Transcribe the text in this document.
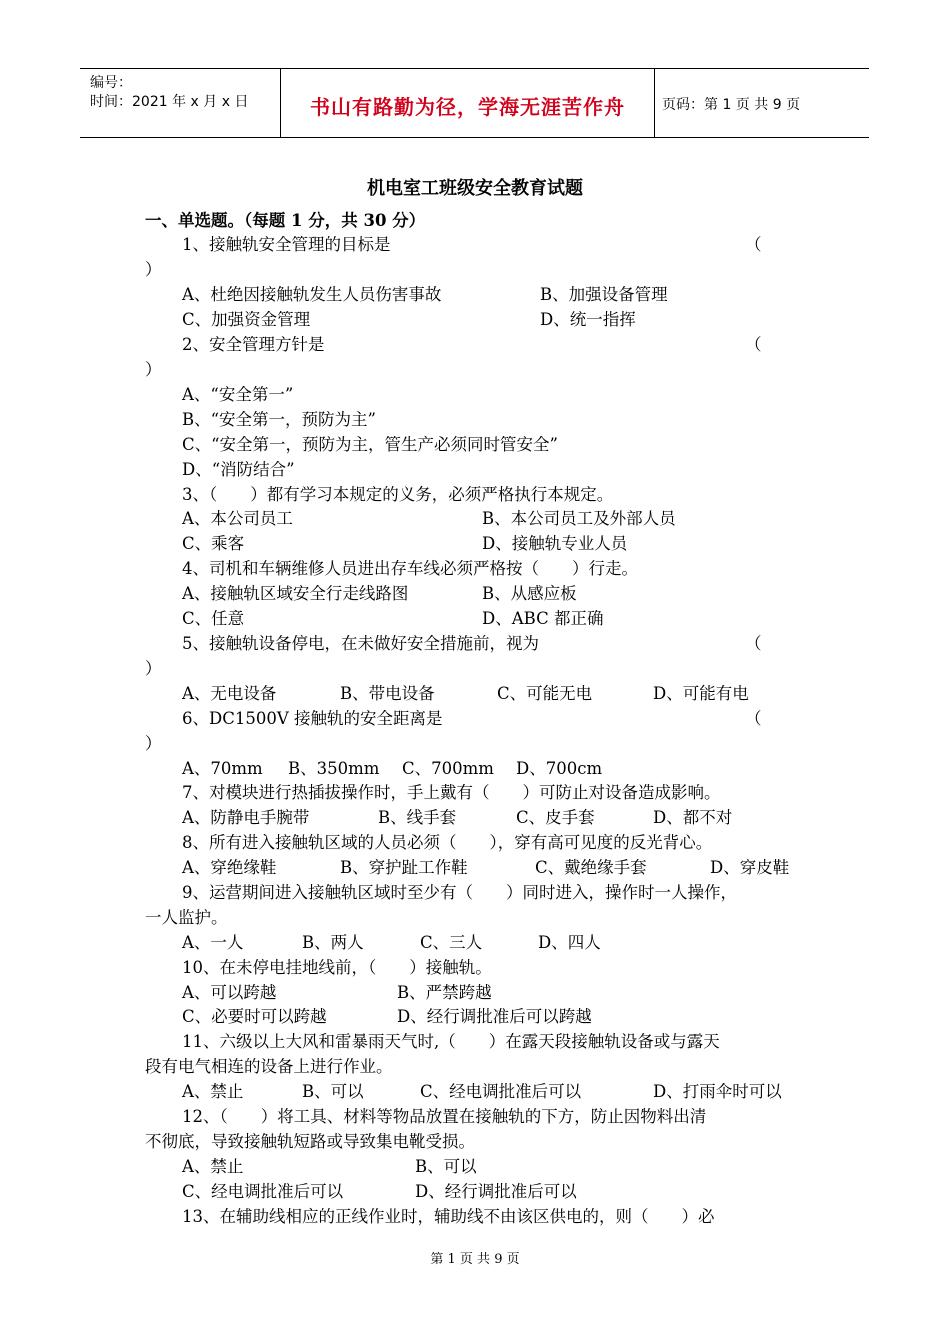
编号：
时间：2021 年 x 月 x 日	书山有路勤为径，学海无涯苦作舟	页码：第 1 页 共 9 页
机电室工班级安全教育试题
一、单选题。（每题 1 分，共 30 分）
1、接触轨安全管理的目标是	（
）
A、杜绝因接触轨发生人员伤害事故	B、加强设备管理
C、加强资金管理	D、统一指挥
2、安全管理方针是	（
）
A、“安全第一”
B、“安全第一，预防为主”
C、“安全第一，预防为主，管生产必须同时管安全”
D、“消防结合”
3、（　　）都有学习本规定的义务，必须严格执行本规定。
A、本公司员工	B、本公司员工及外部人员
C、乘客	D、接触轨专业人员
4、司机和车辆维修人员进出存车线必须严格按（　　）行走。
A、接触轨区域安全行走线路图	B、从感应板
C、任意	D、ABC 都正确
5、接触轨设备停电，在未做好安全措施前，视为	（
）
A、无电设备	B、带电设备	C、可能无电	D、可能有电
6、DC1500V 接触轨的安全距离是	（
）
A、70mm B、350mm C、700mm D、700cm
7、对模块进行热插拔操作时，手上戴有（　　）可防止对设备造成影响。
A、防静电手腕带	B、线手套	C、皮手套	D、都不对
8、所有进入接触轨区域的人员必须（　　），穿有高可见度的反光背心。
A、穿绝缘鞋	B、穿护趾工作鞋	C、戴绝缘手套	D、穿皮鞋
9、运营期间进入接触轨区域时至少有（　　）同时进入，操作时一人操作，
一人监护。
A、一人	B、两人	C、三人	D、四人
10、在未停电挂地线前，（　　）接触轨。
A、可以跨越	B、严禁跨越
C、必要时可以跨越	D、经行调批准后可以跨越
11、六级以上大风和雷暴雨天气时,（　　）在露天段接触轨设备或与露天
段有电气相连的设备上进行作业。
A、禁止	B、可以	C、经电调批准后可以	D、打雨伞时可以
12、（　　）将工具、材料等物品放置在接触轨的下方，防止因物料出清
不彻底，导致接触轨短路或导致集电靴受损。
A、禁止	B、可以
C、经电调批准后可以	D、经行调批准后可以
13、在辅助线相应的正线作业时，辅助线不由该区供电的，则（　　）必
第 1 页 共 9 页
